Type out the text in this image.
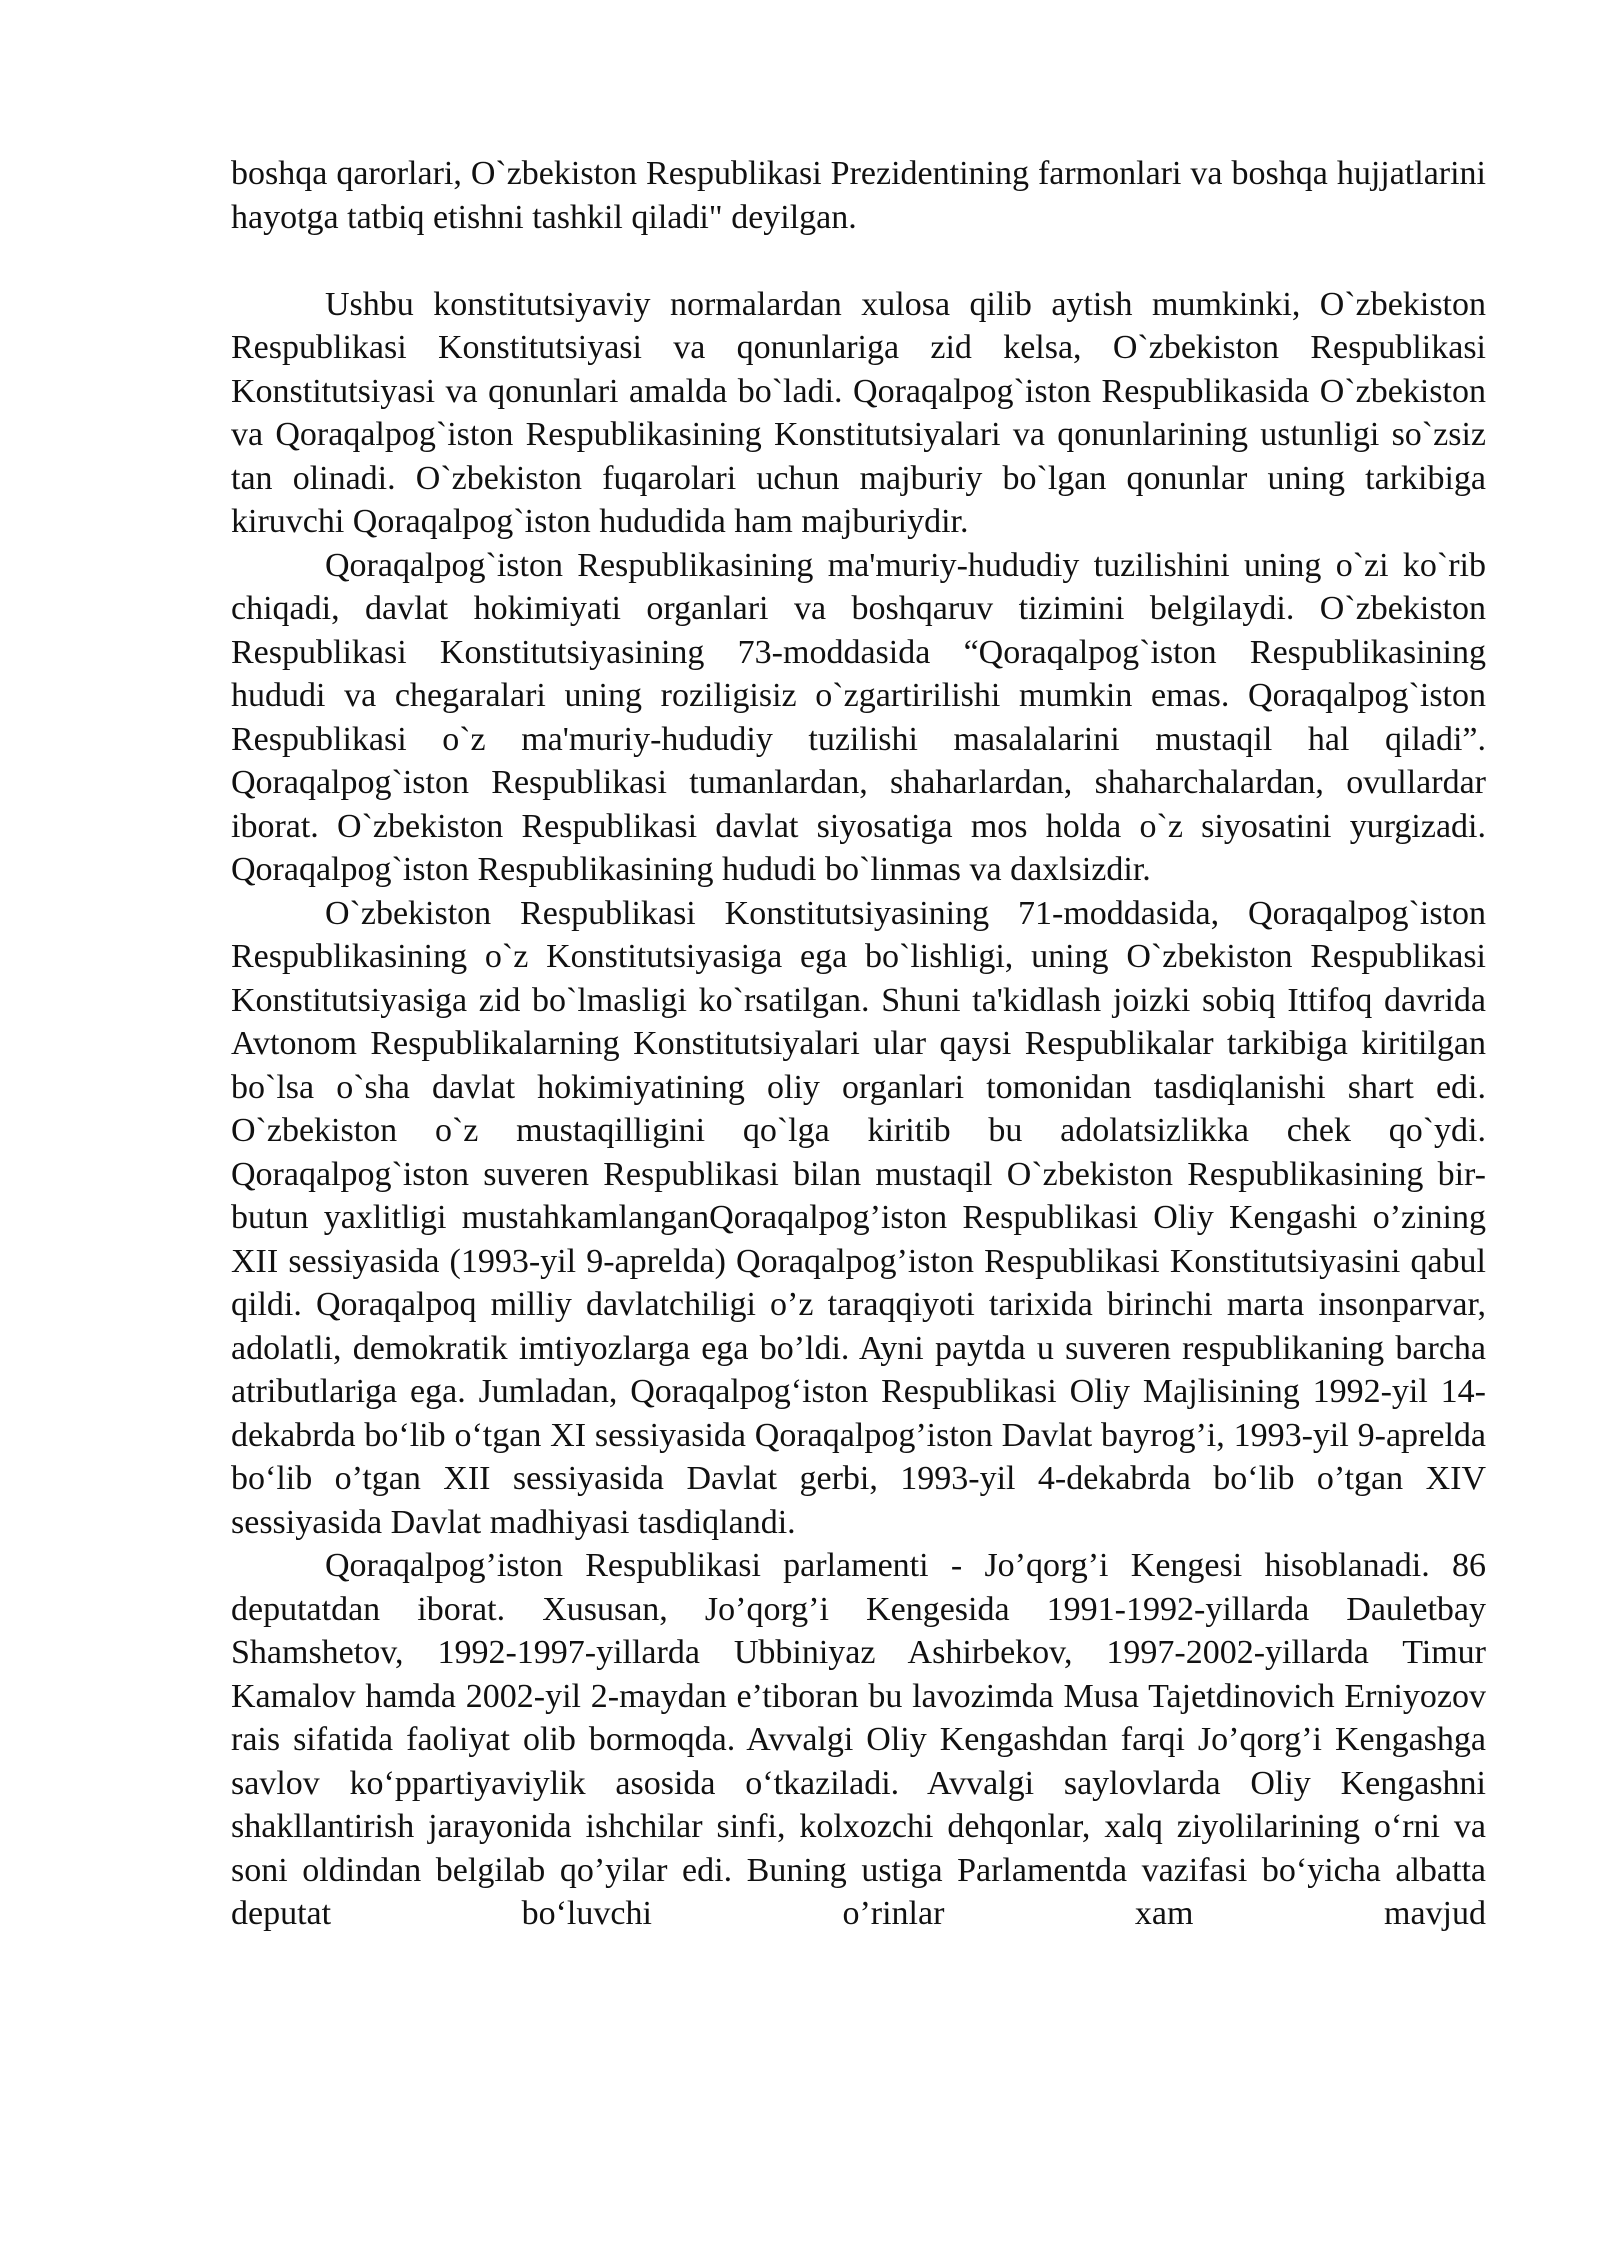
boshqa qarorlari, O`zbekiston Respublikasi Prezidentining farmonlari va boshqa hujjatlarini hayotga tatbiq etishni tashkil qiladi" deyilgan.

Ushbu konstitutsiyaviy normalardan xulosa qilib aytish mumkinki, O`zbekiston Respublikasi Konstitutsiyasi va qonunlariga zid kelsa, O`zbekiston Respublikasi Konstitutsiyasi va qonunlari amalda bo`ladi. Qoraqalpog`iston Respublikasida O`zbekiston va Qoraqalpog`iston Respublikasining Konstitutsiyalari va qonunlarining ustunligi so`zsiz tan olinadi. O`zbekiston fuqarolari uchun majburiy bo`lgan qonunlar uning tarkibiga kiruvchi Qoraqalpog`iston hududida ham majburiydir.

Qoraqalpog`iston Respublikasining ma'muriy-hududiy tuzilishini uning o`zi ko`rib chiqadi, davlat hokimiyati organlari va boshqaruv tizimini belgilaydi. O`zbekiston Respublikasi Konstitutsiyasining 73-moddasida “Qoraqalpog`iston Respublikasining hududi va chegaralari uning roziligisiz o`zgartirilishi mumkin emas. Qoraqalpog`iston Respublikasi o`z ma'muriy-hududiy tuzilishi masalalarini mustaqil hal qiladi”. Qoraqalpog`iston Respublikasi tumanlardan, shaharlardan, shaharchalardan, ovullardar iborat. O`zbekiston Respublikasi davlat siyosatiga mos holda o`z siyosatini yurgizadi. Qoraqalpog`iston Respublikasining hududi bo`linmas va daxlsizdir.

O`zbekiston Respublikasi Konstitutsiyasining 71-moddasida, Qoraqalpog`iston Respublikasining o`z Konstitutsiyasiga ega bo`lishligi, uning O`zbekiston Respublikasi Konstitutsiyasiga zid bo`lmasligi ko`rsatilgan. Shuni ta'kidlash joizki sobiq Ittifoq davrida Avtonom Respublikalarning Konstitutsiyalari ular qaysi Respublikalar tarkibiga kiritilgan bo`lsa o`sha davlat hokimiyatining oliy organlari tomonidan tasdiqlanishi shart edi. O`zbekiston o`z mustaqilligini qo`lga kiritib bu adolatsizlikka chek qo`ydi. Qoraqalpog`iston suveren Respublikasi bilan mustaqil O`zbekiston Respublikasining bir-butun yaxlitligi mustahkamlanganQoraqalpog’iston Respublikasi Oliy Kengashi o’zining XII sessiyasida (1993-yil 9-aprelda) Qoraqalpog’iston Respublikasi Konstitutsiyasini qabul qildi. Qoraqalpoq milliy davlatchiligi o’z taraqqiyoti tarixida birinchi marta insonparvar, adolatli, demokratik imtiyozlarga ega bo’ldi. Ayni paytda u suveren respublikaning barcha atributlariga ega. Jumladan, Qoraqalpog‘iston Respublikasi Oliy Majlisining 1992-yil 14-dekabrda bo‘lib o‘tgan XI sessiyasida Qoraqalpog’iston Davlat bayrog’i, 1993-yil 9-aprelda bo‘lib o’tgan XII sessiyasida Davlat gerbi, 1993-yil 4-dekabrda bo‘lib o’tgan XIV sessiyasida Davlat madhiyasi tasdiqlandi.

Qoraqalpog’iston Respublikasi parlamenti - Jo’qorg’i Kengesi hisoblanadi. 86 deputatdan iborat. Xususan, Jo’qorg’i Kengesida 1991-1992-yillarda Dauletbay Shamshetov, 1992-1997-yillarda Ubbiniyaz Ashirbekov, 1997-2002-yillarda Timur Kamalov hamda 2002-yil 2-maydan e’tiboran bu lavozimda Musa Tajetdinovich Erniyozov rais sifatida faoliyat olib bormoqda. Avvalgi Oliy Kengashdan farqi Jo’qorg’i Kengashga savlov ko‘ppartiyaviylik asosida o‘tkaziladi. Avvalgi saylovlarda Oliy Kengashni shakllantirish jarayonida ishchilar sinfi, kolxozchi dehqonlar, xalq ziyolilarining o‘rni va soni oldindan belgilab qo’yilar edi. Buning ustiga Parlamentda vazifasi bo‘yicha albatta deputat bo‘luvchi o’rinlar xam mavjud
